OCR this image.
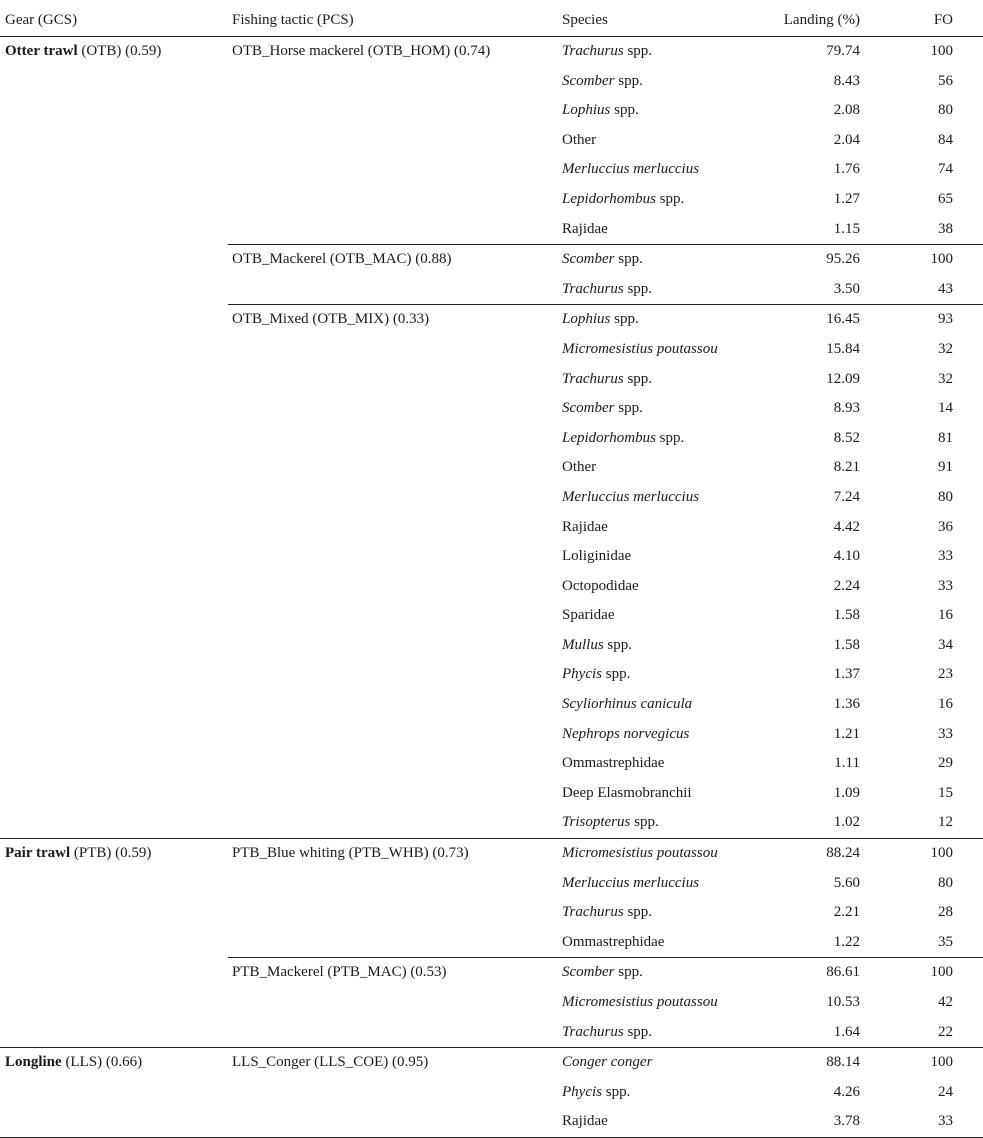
Gear (GCS)	Fishing tactic (PCS)	Species	Landing (%)	FO
Otter trawl (OTB) (0.59)	OTB_Horse mackerel (OTB_HOM) (0.74)	Trachurus spp.	79.74	100
		Scomber spp.	8.43	56
		Lophius spp.	2.08	80
		Other	2.04	84
		Merluccius merluccius	1.76	74
		Lepidorhombus spp.	1.27	65
		Rajidae	1.15	38
	OTB_Mackerel (OTB_MAC) (0.88)	Scomber spp.	95.26	100
		Trachurus spp.	3.50	43
	OTB_Mixed (OTB_MIX) (0.33)	Lophius spp.	16.45	93
		Micromesistius poutassou	15.84	32
		Trachurus spp.	12.09	32
		Scomber spp.	8.93	14
		Lepidorhombus spp.	8.52	81
		Other	8.21	91
		Merluccius merluccius	7.24	80
		Rajidae	4.42	36
		Loliginidae	4.10	33
		Octopodidae	2.24	33
		Sparidae	1.58	16
		Mullus spp.	1.58	34
		Phycis spp.	1.37	23
		Scyliorhinus canicula	1.36	16
		Nephrops norvegicus	1.21	33
		Ommastrephidae	1.11	29
		Deep Elasmobranchii	1.09	15
		Trisopterus spp.	1.02	12
Pair trawl (PTB) (0.59)	PTB_Blue whiting (PTB_WHB) (0.73)	Micromesistius poutassou	88.24	100
		Merluccius merluccius	5.60	80
		Trachurus spp.	2.21	28
		Ommastrephidae	1.22	35
	PTB_Mackerel (PTB_MAC) (0.53)	Scomber spp.	86.61	100
		Micromesistius poutassou	10.53	42
		Trachurus spp.	1.64	22
Longline (LLS) (0.66)	LLS_Conger (LLS_COE) (0.95)	Conger conger	88.14	100
		Phycis spp.	4.26	24
		Rajidae	3.78	33
